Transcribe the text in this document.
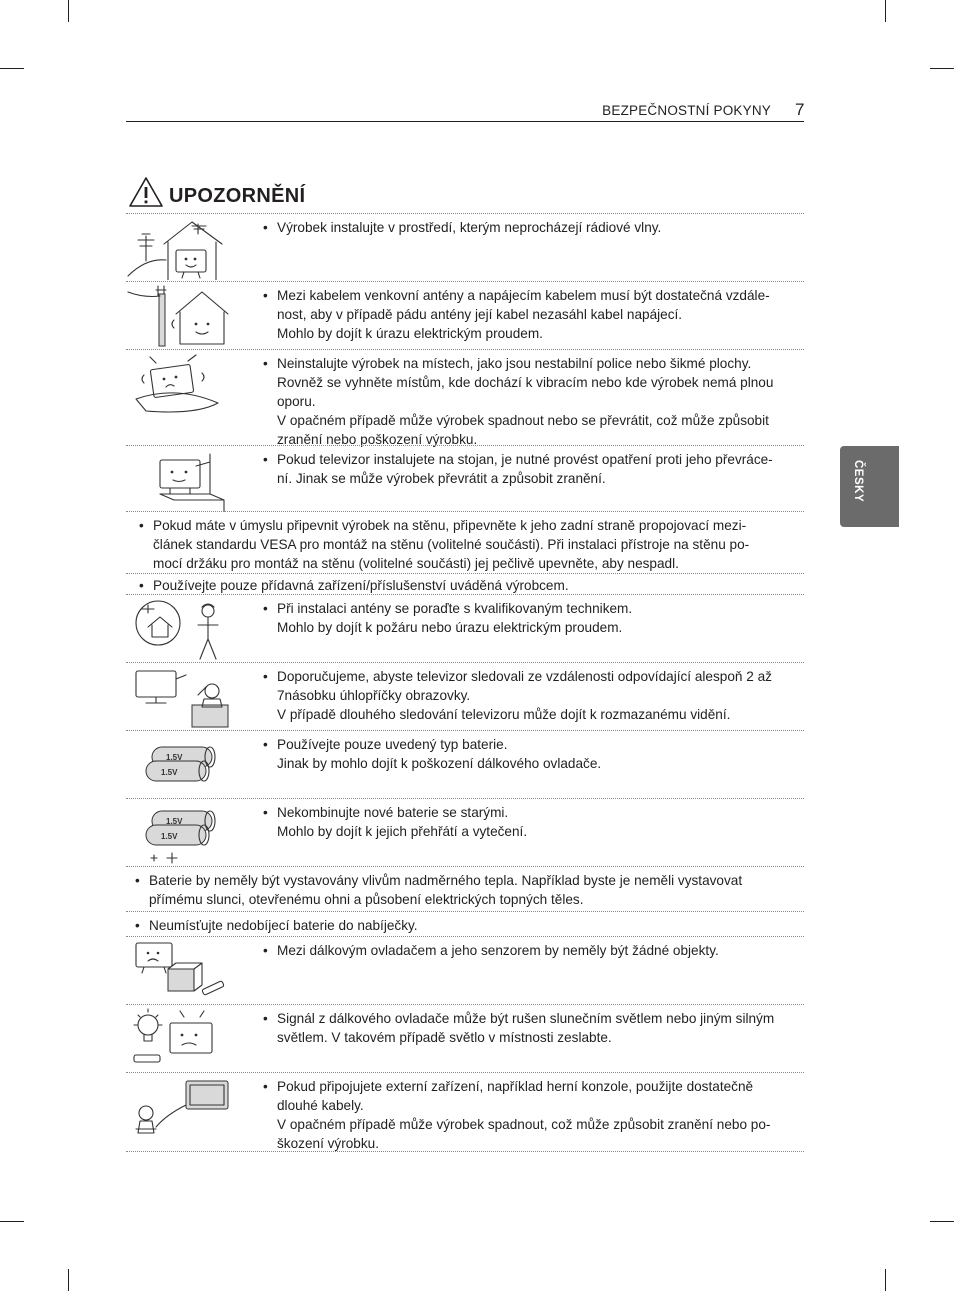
BEZPEČNOSTNÍ POKYNY 7
ČESKY
UPOZORNĚNÍ
• Výrobek instalujte v prostředí, kterým neprocházejí rádiové vlny.
• Mezi kabelem venkovní antény a napájecím kabelem musí být dostatečná vzdále-
nost, aby v případě pádu antény její kabel nezasáhl kabel napájecí.
Mohlo by dojít k úrazu elektrickým proudem.
• Neinstalujte výrobek na místech, jako jsou nestabilní police nebo šikmé plochy.
Rovněž se vyhněte místům, kde dochází k vibracím nebo kde výrobek nemá plnou
oporu.
V opačném případě může výrobek spadnout nebo se převrátit, což může způsobit
zranění nebo poškození výrobku.
• Pokud televizor instalujete na stojan, je nutné provést opatření proti jeho převráce-
ní. Jinak se může výrobek převrátit a způsobit zranění.
• Pokud máte v úmyslu připevnit výrobek na stěnu, připevněte k jeho zadní straně propojovací mezi-
článek standardu VESA pro montáž na stěnu (volitelné součásti). Při instalaci přístroje na stěnu po-
mocí držáku pro montáž na stěnu (volitelné součásti) jej pečlivě upevněte, aby nespadl.
• Používejte pouze přídavná zařízení/příslušenství uváděná výrobcem.
• Při instalaci antény se poraďte s kvalifikovaným technikem.
Mohlo by dojít k požáru nebo úrazu elektrickým proudem.
• Doporučujeme, abyste televizor sledovali ze vzdálenosti odpovídající alespoň 2 až
7násobku úhlopříčky obrazovky.
V případě dlouhého sledování televizoru může dojít k rozmazanému vidění.
1.5V
1.5V
• Používejte pouze uvedený typ baterie.
Jinak by mohlo dojít k poškození dálkového ovladače.
1.5V
1.5V
• Nekombinujte nové baterie se starými.
Mohlo by dojít k jejich přehřátí a vytečení.
• Baterie by neměly být vystavovány vlivům nadměrného tepla. Například byste je neměli vystavovat
přímému slunci, otevřenému ohni a působení elektrických topných těles.
• Neumísťujte nedobíjecí baterie do nabíječky.
• Mezi dálkovým ovladačem a jeho senzorem by neměly být žádné objekty.
• Signál z dálkového ovladače může být rušen slunečním světlem nebo jiným silným
světlem. V takovém případě světlo v místnosti zeslabte.
• Pokud připojujete externí zařízení, například herní konzole, použijte dostatečně
dlouhé kabely.
V opačném případě může výrobek spadnout, což může způsobit zranění nebo po-
škození výrobku.
